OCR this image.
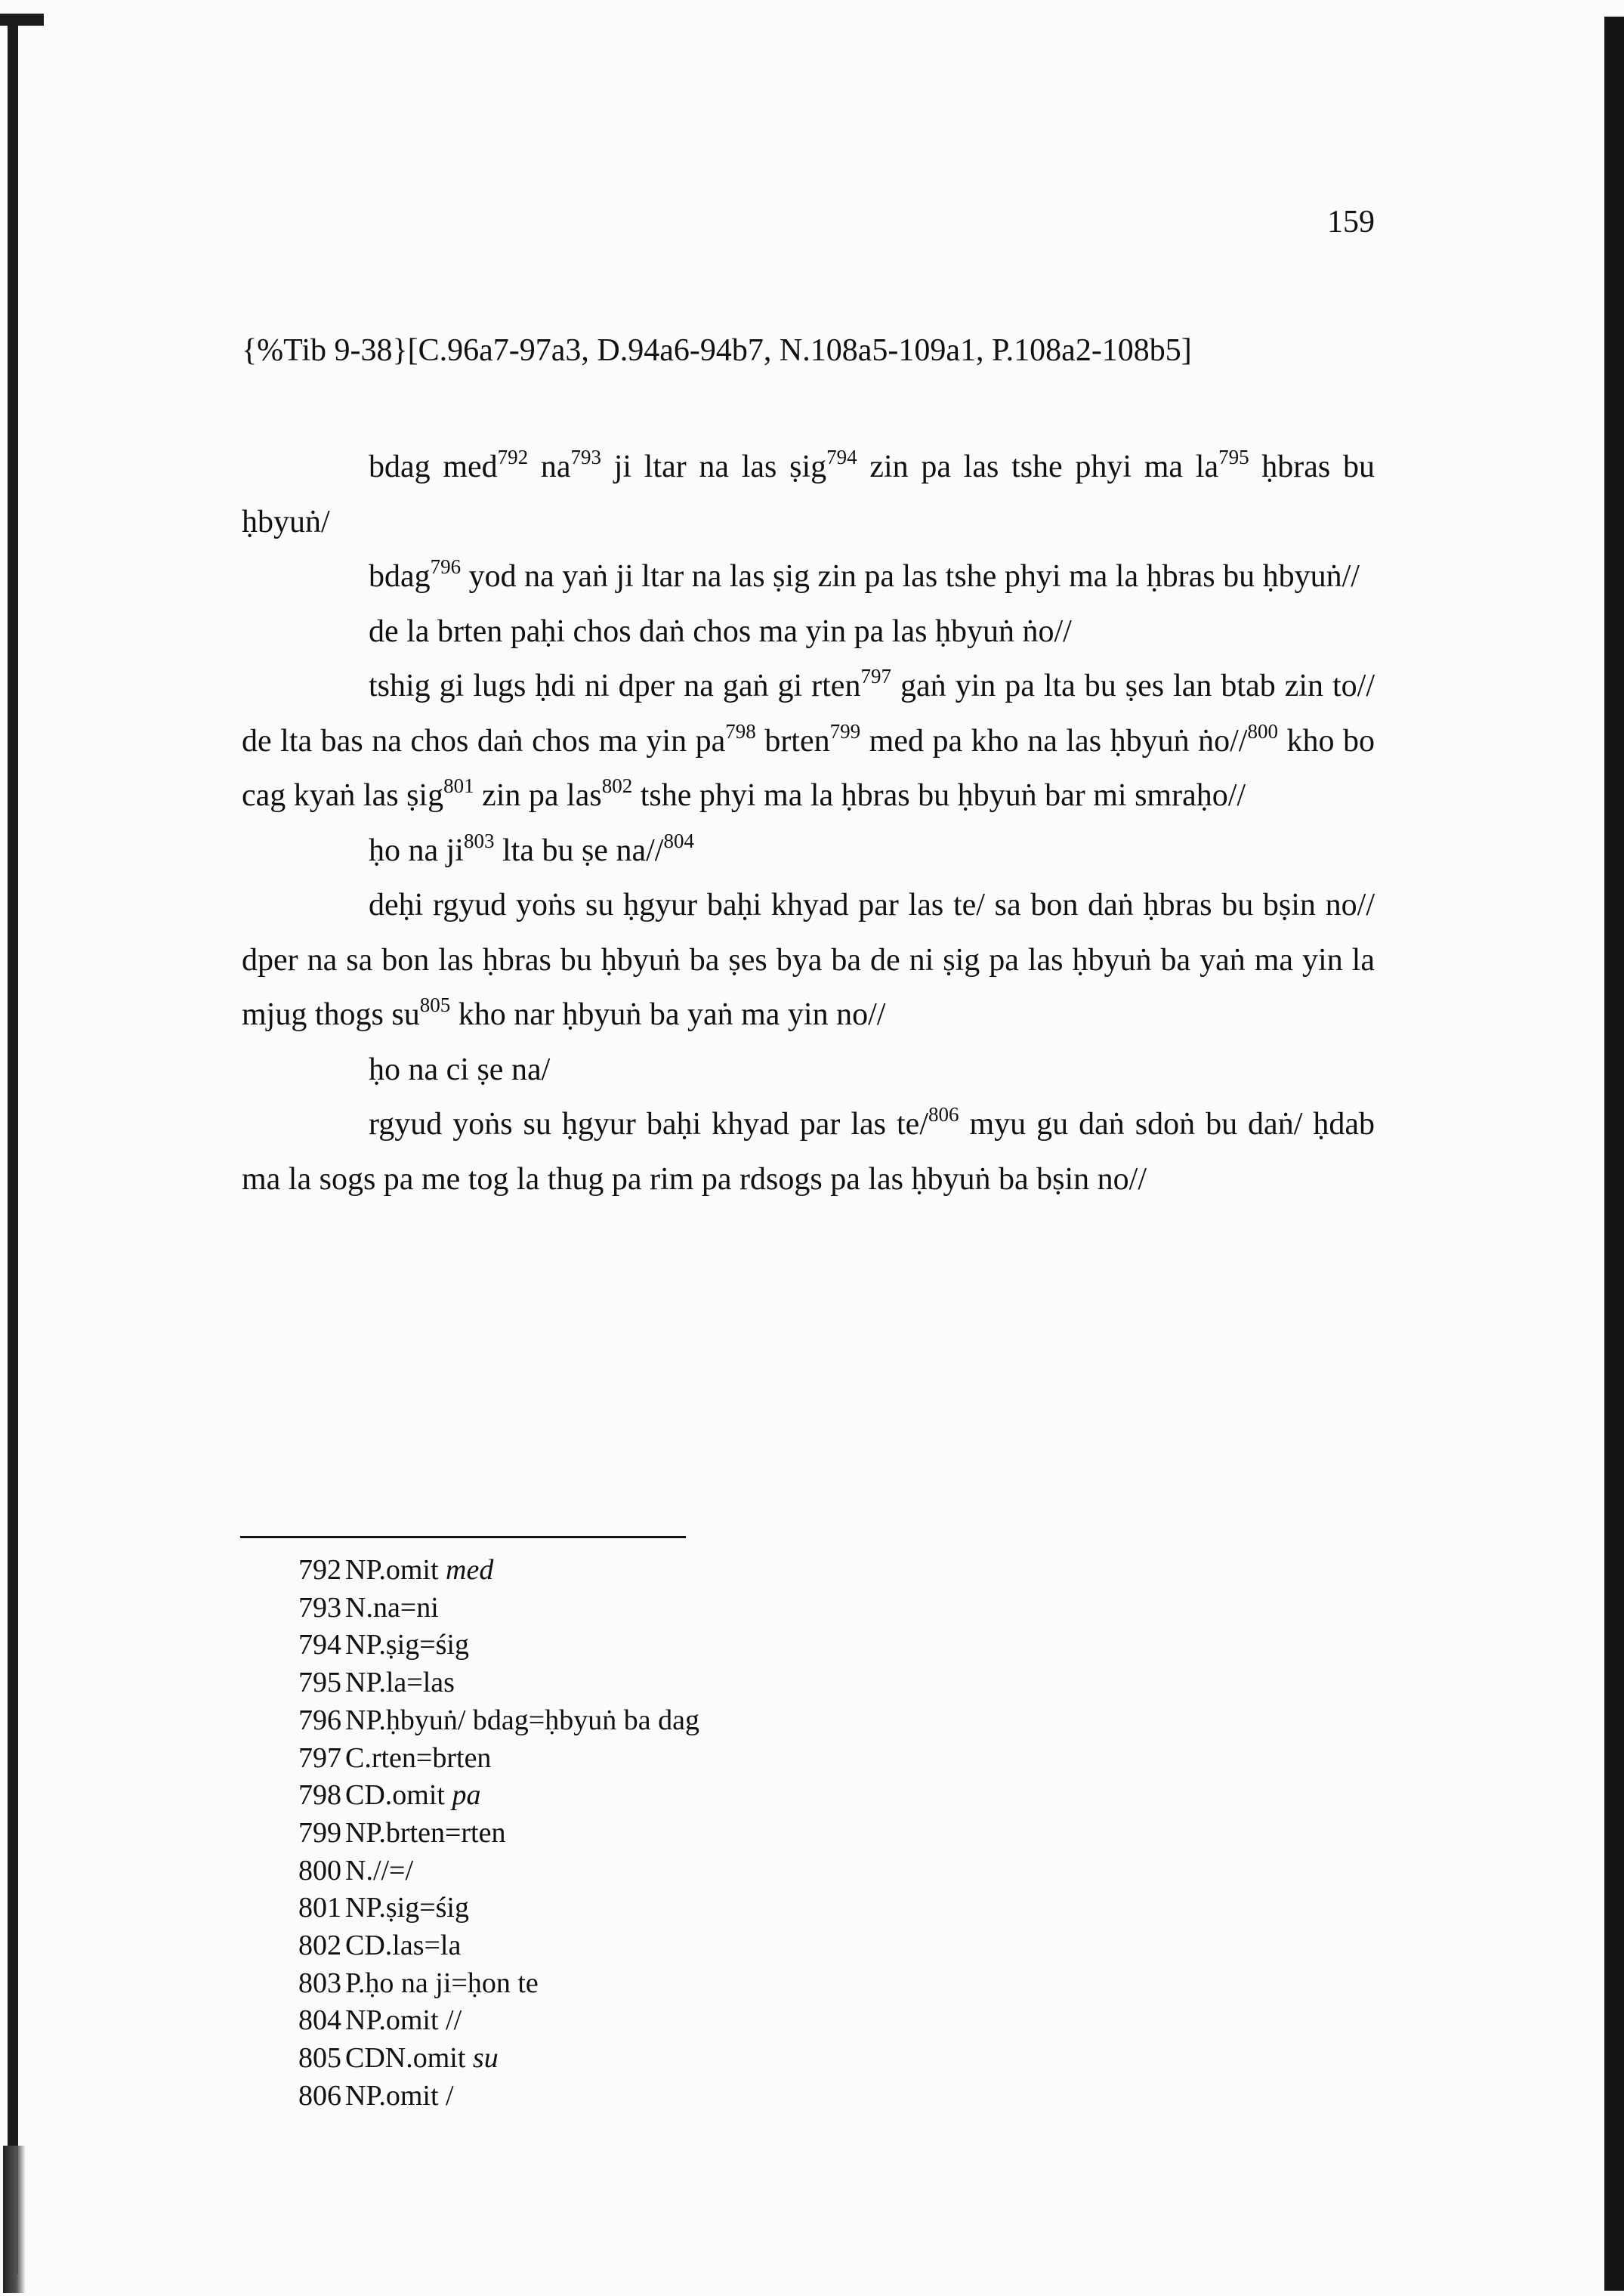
159
{%Tib 9-38}[C.96a7-97a3, D.94a6-94b7, N.108a5-109a1, P.108a2-108b5]

bdag med$^{792}$ $na^{793}$ ji ltar na las ṣig$^{794}$ zin pa las tshe phyi ma $la^{795}$ ḥbras bu ḥbyuṅ/

bdag$^{796}$ yod na yaṅ ji ltar na las ṣig zin pa las tshe phyi ma la ḥbras bu ḥbyuṅ//

de la brten paḥi chos daṅ chos ma yin pa las ḥbyuṅ ṅo//

tshig gi lugs ḥdi ni dper na gaṅ gi rten$^{797}$ gaṅ yin pa lta bu ṣes lan btab zin to// de lta bas na chos daṅ chos ma yin $pa^{798}$ brten$^{799}$ med pa kho na las ḥbyuṅ ṅo//$^{800}$ kho bo cag kyaṅ las ṣig$^{801}$ zin pa las$^{802}$ tshe phyi ma la ḥbras bu ḥbyuṅ bar mi smraḥo//

ḥo na $ji^{803}$ lta bu ṣe na//$^{804}$

deḥi rgyud yoṅs su ḥgyur baḥi khyad par las te/ sa bon daṅ ḥbras bu bṣin no// dper na sa bon las ḥbras bu ḥbyuṅ ba ṣes bya ba de ni ṣig pa las ḥbyuṅ ba yaṅ ma yin la mjug thogs $su^{805}$ kho nar ḥbyuṅ ba yaṅ ma yin no//

ḥo na ci ṣe na/

rgyud yoṅs su ḥgyur baḥi khyad par las te/$^{806}$ myu gu daṅ sdoṅ bu daṅ/ ḥdab ma la sogs pa me tog la thug pa rim pa rdsogs pa las ḥbyuṅ ba bṣin no//

792 NP.omit med
793 N.na=ni
794 NP.ṣig=śig
795 NP.la=las
796 NP.ḥbyuṅ/ bdag=ḥbyuṅ ba dag
797 C.rten=brten
798 CD.omit pa
799 NP.brten=rten
800 N.//=/
801 NP.ṣig=śig
802 CD.las=la
803 P.ḥo na ji=ḥon te
804 NP.omit //
805 CDN.omit su
806 NP.omit /
